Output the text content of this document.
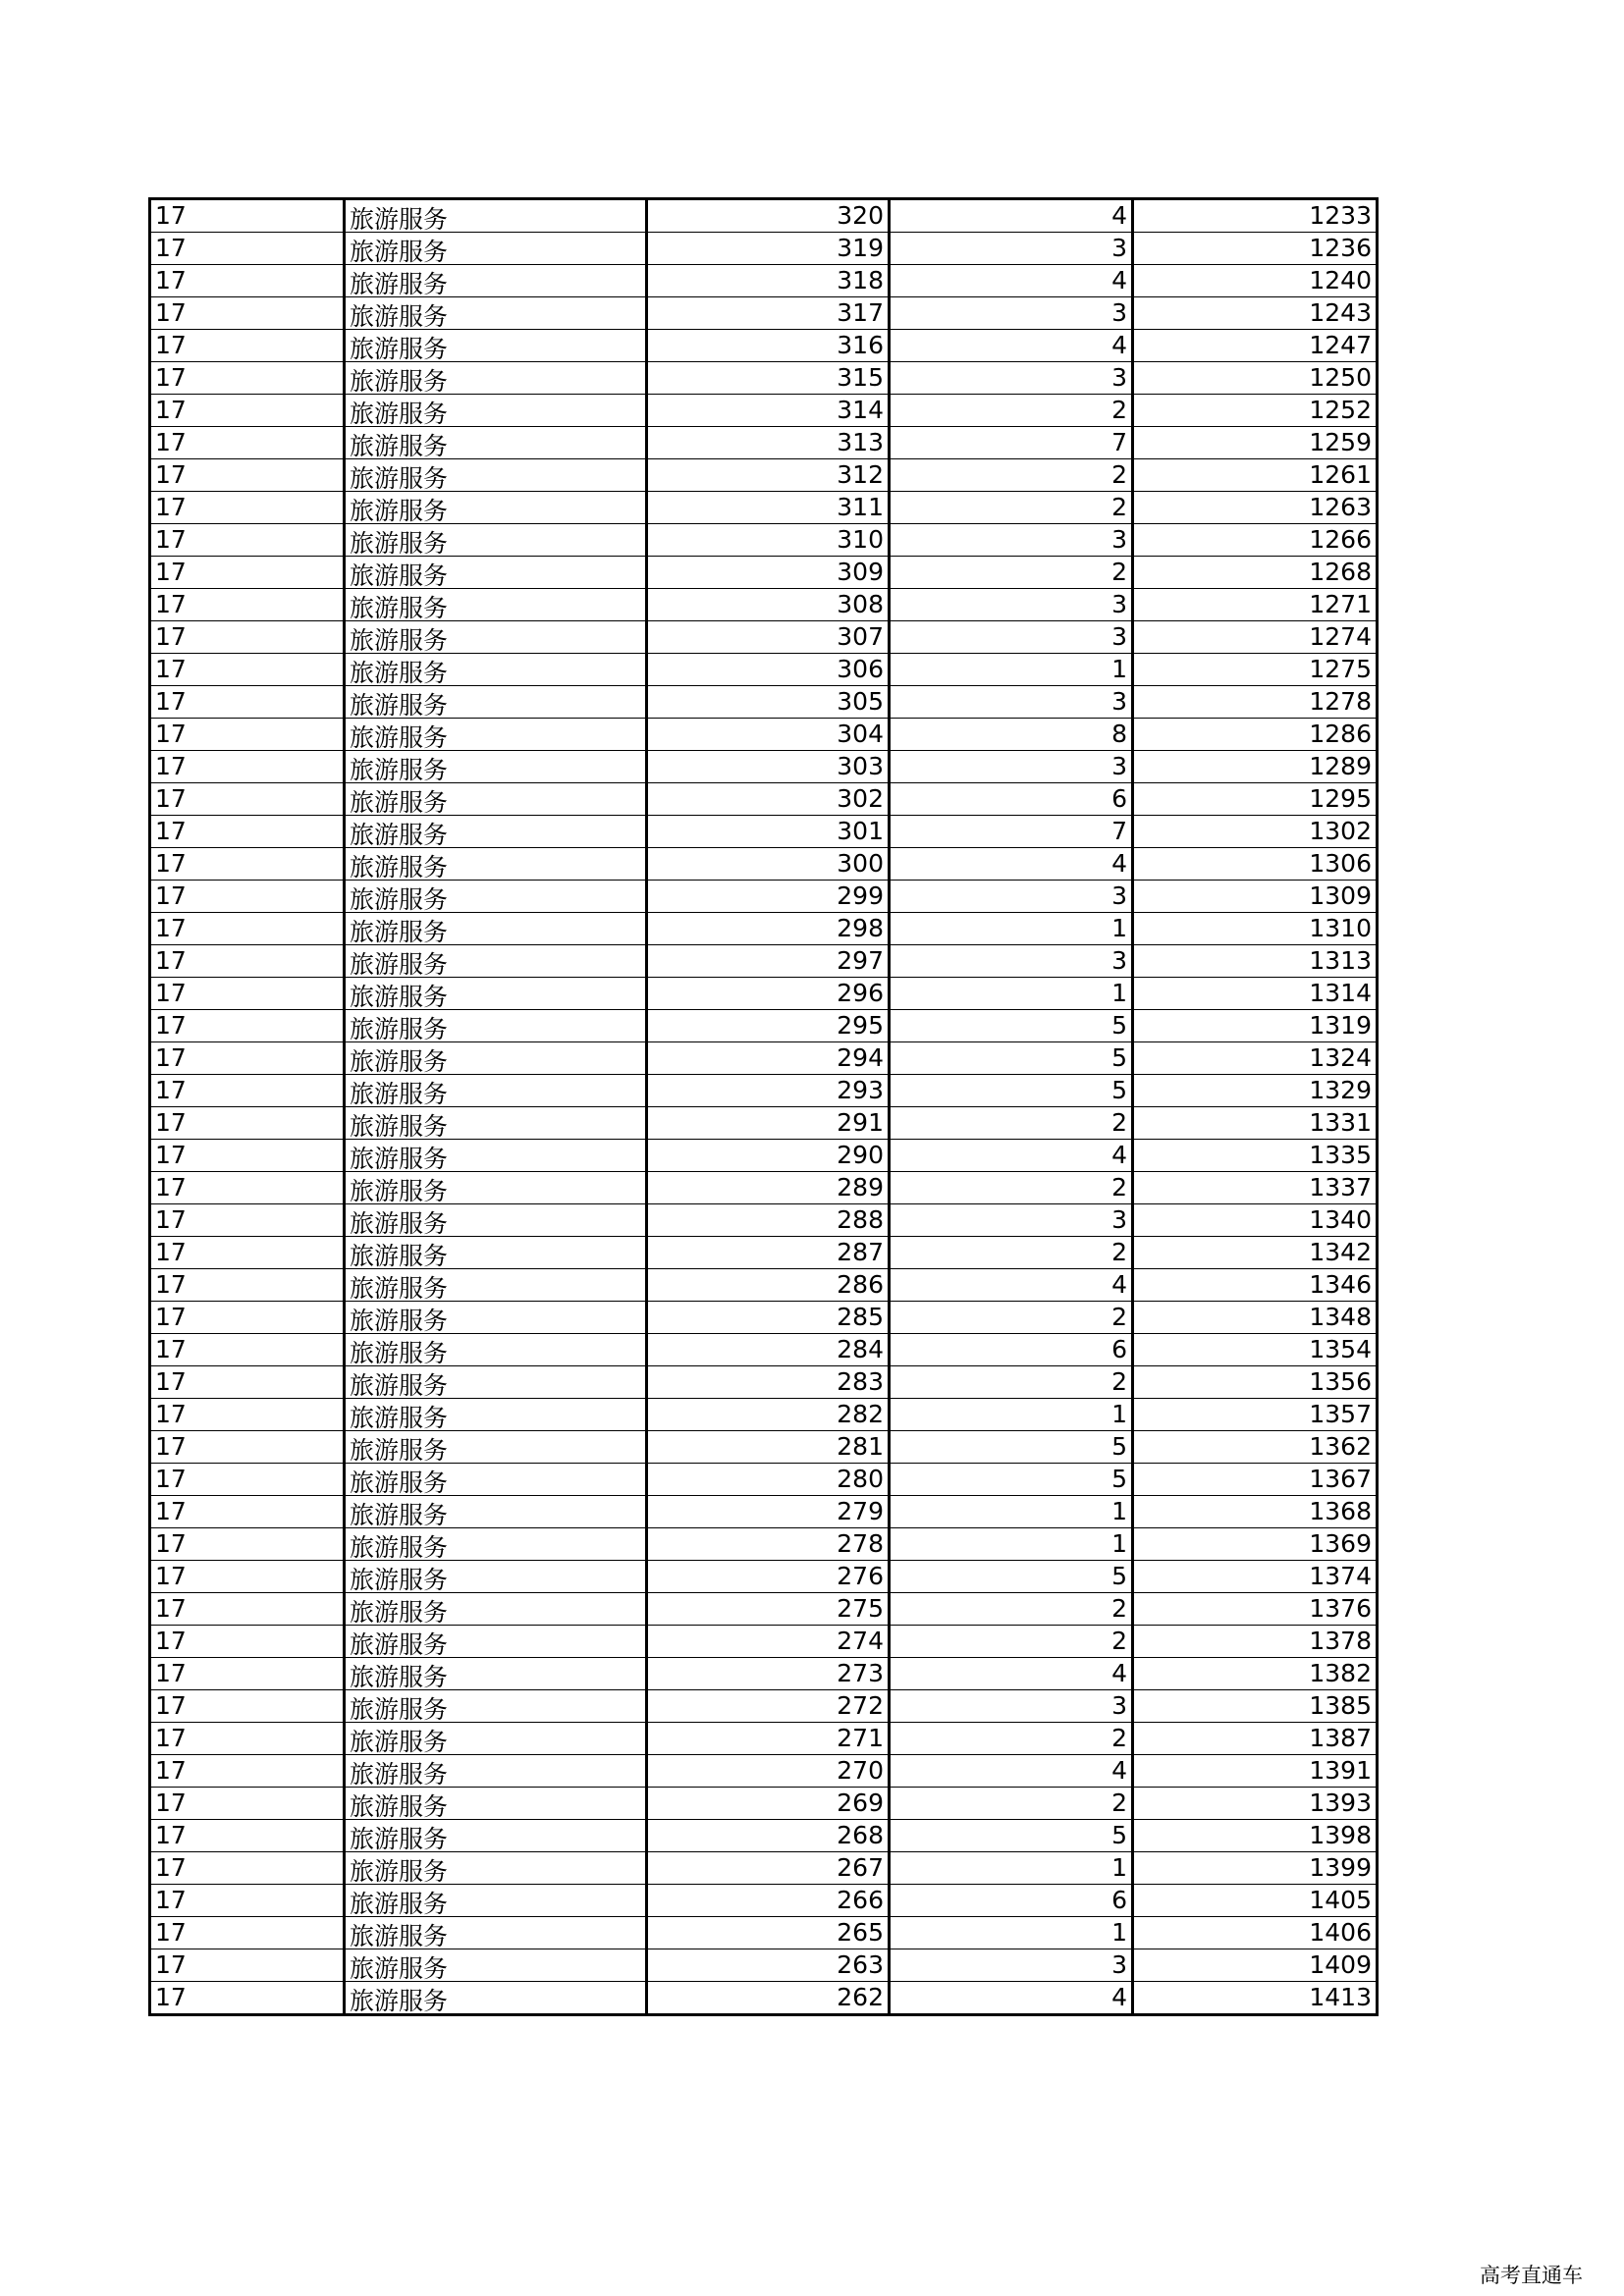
17	旅游服务	320	4	1233
17	旅游服务	319	3	1236
17	旅游服务	318	4	1240
17	旅游服务	317	3	1243
17	旅游服务	316	4	1247
17	旅游服务	315	3	1250
17	旅游服务	314	2	1252
17	旅游服务	313	7	1259
17	旅游服务	312	2	1261
17	旅游服务	311	2	1263
17	旅游服务	310	3	1266
17	旅游服务	309	2	1268
17	旅游服务	308	3	1271
17	旅游服务	307	3	1274
17	旅游服务	306	1	1275
17	旅游服务	305	3	1278
17	旅游服务	304	8	1286
17	旅游服务	303	3	1289
17	旅游服务	302	6	1295
17	旅游服务	301	7	1302
17	旅游服务	300	4	1306
17	旅游服务	299	3	1309
17	旅游服务	298	1	1310
17	旅游服务	297	3	1313
17	旅游服务	296	1	1314
17	旅游服务	295	5	1319
17	旅游服务	294	5	1324
17	旅游服务	293	5	1329
17	旅游服务	291	2	1331
17	旅游服务	290	4	1335
17	旅游服务	289	2	1337
17	旅游服务	288	3	1340
17	旅游服务	287	2	1342
17	旅游服务	286	4	1346
17	旅游服务	285	2	1348
17	旅游服务	284	6	1354
17	旅游服务	283	2	1356
17	旅游服务	282	1	1357
17	旅游服务	281	5	1362
17	旅游服务	280	5	1367
17	旅游服务	279	1	1368
17	旅游服务	278	1	1369
17	旅游服务	276	5	1374
17	旅游服务	275	2	1376
17	旅游服务	274	2	1378
17	旅游服务	273	4	1382
17	旅游服务	272	3	1385
17	旅游服务	271	2	1387
17	旅游服务	270	4	1391
17	旅游服务	269	2	1393
17	旅游服务	268	5	1398
17	旅游服务	267	1	1399
17	旅游服务	266	6	1405
17	旅游服务	265	1	1406
17	旅游服务	263	3	1409
17	旅游服务	262	4	1413
高考直通车
